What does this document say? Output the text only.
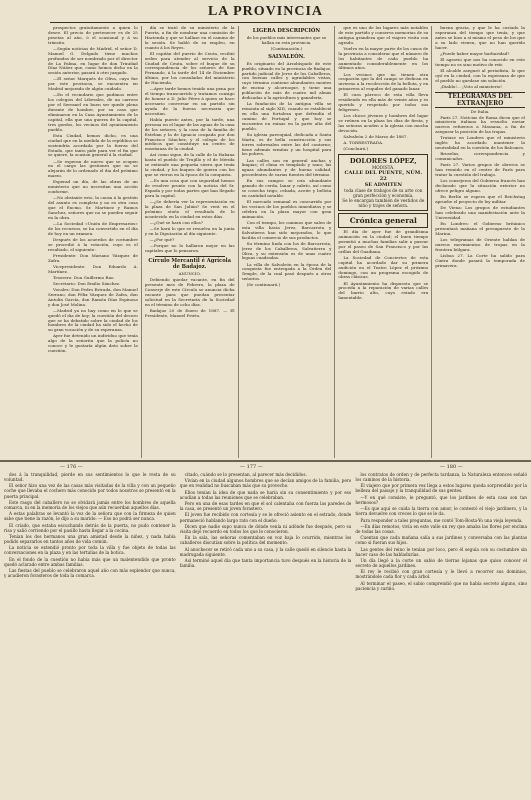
LA PROVINCIA

prospectos gratuitamente a quien lo desee. El precio de pertenecer es de 25 pesetas al año, ó el ocasional y á su tránsito.

—Según noticias de Madrid, el señor D. Manuel G. Delgado tiene muchos profundos de ser nombrado por el director de La Palma, en lugar de don Trinidad Díaz Núñez que, como hemos dicho en la sesión anterior, pasará á otro juzgado.

—El señor Marqués de Oliva, cuyo fue por este provincia, se encuentra en Madrid mejorado de algún cuidado.

—En el vecindario que pudimos entre los colegios del Liberales, de un carrera por el Serranel en buen ser quede plena durante de hombre, por su caso que eliminaron en la Casa Ayuntamiento de la capital, ella que una guerra de la capital, tres gordos, los vecinos del ayuntamiento pueblo.

Esta Ciudad, hemos dicho, es una ciudad que en la medida de la república se sostendría acordada por la fuerza del Estado, que tanto pide para ver el fin que se quiere, la ocasion general á la ciudad.

—Se esperan de nuevo que se ocupen en el cargo las gestiones que no se alejarán de lo ordenado el dia del próximo marzo.

Esperad un día, de las obras de un ministerio que no necesitan una acción conforme.

—No obstante esto, la causa á la gestión del asunto es completa y no es otra cosa que el Excmo. Sr. Martinez y Ramos Sanchez, señores que no se pueden seguir en la obra.

—La Sociedad «Unión de Empresarios» de los recursos, se ha convertido en el día de hoy en un examen.

Después de los acuerdos de costumbre se procedió á la votación, cuyo es el resultado, el siguiente:

Presidente: Don Mariano Vázquez de Zafra.

Vicepresidente: Don Eduardo A. Martínez.

Tesorero: Don Guillermo Rao.

Secretario: Don Emilio Sánchez.

Vocales: Don Pedro Estrada, don Manuel Serrano, don Félix Vázquez de Zafra, don Antolín García, don Ramón Díaz Espinosa y don José Molina.

—Madrid ya no hay como en lo que se quedó el dia de hoy; la cuestión del decoro que se ha debatido sobre la ciudad de los hombres de la ciudad ha sido el hecho de su gran vocación y de su esperanza.

Ayer fue detenido un individuo que tenía algo de la señorita que la policía no conoce y le gustaría algún dato sobre la cuestión.

día se trató de su ministerio de la Puerta, a fin de nombrar una comisión de Hacienda y que se hallase en el camino de la sesión. Se habló de su empleo, en cuanto á los Reyes.

El capitán del puerto de Ceuta, recibió orden para atender al servicio de la Ciudad de Ceuta, sobre el buque de su correspondencia de los señores de San Fernando, á la tarde del 14 de Diciembre último, por los consulados del ministerio de Hacienda.

—Ayer tarde hemos tenido una pena por el tiempo transcurrido y tratamos consigo de honrar a D. Julio Pérez á quien se hace necesario conversar en un partido sin ayuda de la fuerza necesaria que necesitan.

Había puesto antes, por la tarde, una persona en el lugar de las aguas de la casa de los señores, y la casa de la familia de Esteban y la de Ignacio ocupada por don Francisco Sánchez; y el colegio de los médicos que constituye un centro de enseñanza de la ciudad.

Así como sigue, de la calle de la Habana hasta el pueblo de Trujillo y el de Mérida se extiende una pequeña sierra que tenía la ciudad, y los buques de guerra con los que se vieron en la época de la conquista.

—Es una cosa que con seguridad hemos de resolver pronto con la noticia del Sr. Espada y por todas partes que han llegado para la capital.

—¿Se debería ver la representación en la plaza de San Julián? Se verá en el próximo otoño el resultado de lo acontecido en la ciudad en estos días.

—¿Qué se hará con ellos?

—Se hará lo que se resuelva en la junta y en la Diputación al día siguiente.

—¿Por qué?

—Porque no lo hallaron mejor en las capitales que lo pensaron.

Círculo Mercantil é Agrícola de Badajoz.
ANUNCIO.

Debiendo quedar vacante, en fin del presente mes de Febrero, la plaza de Conserje de este Círculo se anuncia dicha vacante para que puedan presentar solicitud en la Secretaría de la Sociedad en el término de ocho días.

Badajoz 20 de Enero de 1887. — El Presidente, Manuel Prieto.

LIGERA DESCRIPCIÓN
de los pueblos más interesantes que se hallan en esta provincia.
(Continuación.)
SALVALEÓN.

Es originario del Arzobispado de este pueblo, situado en la provincia de Badajoz, partido judicial de Jerez de los Caballeros, con buenas calles y agradables vistas, cuyo término contiene abundantes montes de encina y alcornoque, y tiene una población de más de cuatro mil almas dedicadas a la agricultura y ganadería.

La fundación de la antigua villa se remonta al siglo XIII, cuando se estableció en ella una fortaleza que defendía el camino de Portugal y que hoy se encuentra en ruinas en la parte alta del pueblo.

Su iglesia parroquial, dedicada a Santa Marta, es de bella construcción y sus torres sobresalen entre las del contorno; tiene además ermitas y un hospital para los pobres.

Las calles son en general anchas y limpias; el clima es templado y sano; las aguas abundantes y de buena calidad, procedentes de varias fuentes del término.

En sus campos se cría abundante ganado de cerda, lanar y cabrío, así como se cosecha trigo, cebada, aceite y bellota en cantidad notable.

El mercado semanal es concurrido por los vecinos de los pueblos inmediatos y se celebra en la plaza mayor con gran animación.

Con el tiempo, los caminos que salen de esta villa hacia Jerez, Barcarrota y Salvatierra han sido mejorados, lo que facilita el comercio de sus productos.

Su término linda con los de Barcarrota, Jerez de los Caballeros, Salvatierra y Oliva, y su extensión es de unas cuatro leguas cuadradas.

La villa de Salvaleón en la época de la conquista fue entregada a la Orden del Temple, de la cual pasó después a otros señoríos.

(Se continuará.)

que es uno de los lugares más notables de este partido y conserva memorias de su antigua grandeza que el viajero visita con agrado.

Vuelvo en la mayor parte de los casos de la provincia a considerar que el número de los habitantes de cada pueblo ha aumentado considerablemente en los últimos años.

Los vecinos que no tienen otra ocupación que la del campo se dedican en invierno a la recolección de la bellota, y en primavera al esquileo del ganado lanar.

El cura párroco de esta villa lleva residiendo en ella más de veinte años y es querido y respetado por todos sus feligreses.

Los chicos jóvenes y hombres del lugar se reúnen en la plaza los días de fiesta, y las señoras acuden a la iglesia con mucha devoción.

Salvaleón 2 de Marzo de 1887.

A. TORRESTRADA.

(Concluirá.)

DOLORES LÓPEZ,
MODISTA.
CALLE DEL PUENTE, NÚM. 22
SE ADMITEN
toda clase de trabajos de su arte con gran perfección y economía.
Se le encargan también de vestidos de niño y trajes de señora.
Crónica general

El día de ayer fue de grandísima animación en la ciudad; el buen tiempo permitió a muchas familias salir a pasear por el paseo de San Francisco y por las orillas del Guadiana.

La Sociedad de Conciertos de esta capital ha acordado dar su primera audición en el Teatro López el próximo domingo, con un programa escogido de obras clásicas.

El Ayuntamiento ha dispuesto que se proceda a la reparación de varias calles del barrio alto, cuyo estado era lamentable.

buena gracia, y que le ha costado la esperanza del tiempo que tenía, y que antes se hizo a sí mismo el peso de los que a su lado vienen, que no han querido hacer.

¿Puede haber mayor barbaridad?

El agravio que nos ha conocido en este tiempo no es sino motivo de reír.

El alcalde aseguró al periodista, lo que oyó en la ciudad, con la esperanza de que el pueblo no quedase sin solución.

¡Diablo!... ¡Voto al ministerio!

TELEGRAMAS DEL EXTRANJERO
De Italia.

París 27. Noticias de Roma dicen que el ministerio italiano ha resuelto enviar nuevos refuerzos a Massaua, a fin de asegurar la posición de las tropas.

Tratase en Londres que el ministerio inglés ha acordado mantener la neutralidad en la cuestión de los Balcanes.

Bruselas, correspondencia y comunicados.

París 27. Varios grupos de obreros se han reunido en el centro de París para tratar la cuestión del trabajo.

Los consejeros del Gobierno francés han declarado que la situación exterior no ofrece peligro alguno.

En Berlín se espera que el Reichstag apruebe el proyecto de ley militar.

De Viena: Los grupos de estudiantes han celebrado una manifestación ante la Universidad.

En Londres: el Gobierno británico presentará mañana el presupuesto de la Marina.

Los telegramas de Oriente hablan de nuevos movimientos de tropas en la frontera búlgara.

Lisboa 27. La Corte ha salido para Cintra donde pasará la temporada de primavera.

— 176 —	— 177 —	— 180 —

dos á la tranquilidad, pierde en sus sentimientos lo que le resta de su voluntad.

El señor hizo una vez de las casas más visitadas de la villa y con un pequeño coche que llevaba el cochero más conocido por todos nosotros se presentó en la puerta principal.

Este rasgo del caballero no se olvidará jamás entre los hombres de aquella comarca, ni en la memoria de los viejos que aún recuerdan aquellos días.

A estas palabras se levantó la voz de la señora que con la firmeza de quien sabe que tiene la razón, le dijo a su marido: — Eso no podrá ser nunca.

El criado, que estaba escuchando detrás de la puerta, no pudo contener la risa y salió corriendo por el pasillo hasta llegar a la cocina.

Tenían los dos hermanos una gran amistad desde la niñez, y nada había podido separarlos en tantos años de vida común.

La noticia se extendió pronto por toda la villa y fue objeto de todas las conversaciones en la plaza y en las tertulias de la botica.

En el fondo de la cuestión no había más que un malentendido que pronto quedó aclarado entre ambas familias.

Las fiestas del pueblo se celebraron aquel año con más esplendor que nunca, y acudieron forasteros de toda la comarca.

citado, cuándo se lo presentan, al parecer más decididos.

Vivían en la ciudad algunos hombres que se decían amigos de la familia, pero que en realidad no buscaban más que su provecho.

Ellos tenían la idea de que nada se haría sin su consentimiento y por eso acudían a todas las reuniones que se celebraban.

Pero en una de esas tardes en que el sol calentaba con fuerza las paredes de la casa, se presentó un joven forastero.

El joven fue recibido con cortesía y se le ofreció asiento en el estrado, donde permaneció hablando largo rato con el dueño.

Dicen que nadie supo nunca de dónde venía ni adónde fue después, pero su visita dejó recuerdo en todos los que le conocieron.

En la sala, las señoras comentaban en voz baja lo ocurrido, mientras los caballeros discutían sobre la política del momento.

Al anochecer se retiró cada uno a su casa, y la calle quedó en silencio hasta la madrugada siguiente.

Así terminó aquel día que tanta importancia tuvo después en la historia de la familia.

los contratos de orden y de perfecta tardanza, la Naturaleza entonces señaló los caminos de la historia.

El viajero que por primera vez llega a estos lugares queda sorprendido por la belleza del paisaje y la tranquilidad de sus gentes.

—Y en qué consiste, le preguntó, que los jardines de esta casa son tan hermosos?

—Es que aquí se cuida la tierra con amor, le contestó el viejo jardinero, y la tierra devuelve con creces lo que se le da.

Para responder a tales preguntas, me contó Tom-Bosta-Yo una vieja leyenda.

—En días remotos, vivía en este valle un rey que amaba las flores por encima de todas las cosas.

Cuentan que cada mañana salía a sus jardines y conversaba con las plantas como si fueran sus hijos.

Las gentes del reino le tenían por loco, pero él seguía con su costumbre sin hacer caso de las habladurías.

Un día llegó a la corte un sabio de tierras lejanas que quiso conocer el secreto de aquellos jardines.

El rey le recibió con gran cortesía y le llevó a recorrer sus dominios, mostrándole cada flor y cada árbol.

Al terminar el paseo, el sabio comprendió que no había secreto alguno, sino paciencia y cariño.
